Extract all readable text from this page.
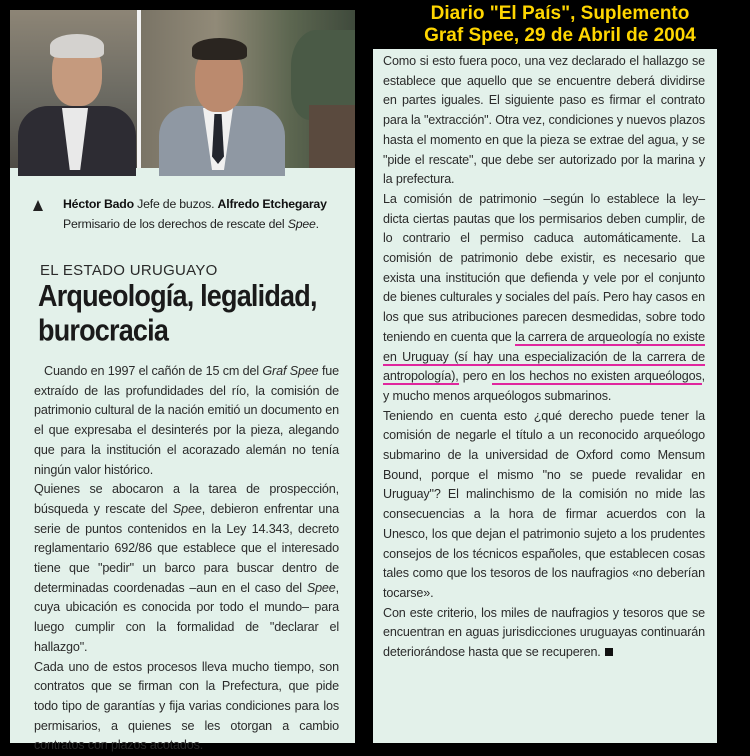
Héctor Bado Jefe de buzos. Alfredo Etchegaray
Permisario de los derechos de rescate del Spee.
EL ESTADO URUGUAYO
Arqueología, legalidad,
burocracia

Cuando en 1997 el cañón de 15 cm del Graf Spee fue extraído de las profundidades del río, la comisión de patrimonio cultural de la nación emitió un documento en el que expresaba el desinterés por la pieza, alegando que para la institución el acorazado alemán no tenía ningún valor histórico.

Quienes se abocaron a la tarea de prospección, búsqueda y rescate del Spee, debieron enfrentar una serie de puntos contenidos en la Ley 14.343, decreto reglamentario 692/86 que establece que el interesado tiene que "pedir" un barco para buscar dentro de determinadas coordenadas –aun en el caso del Spee, cuya ubicación es conocida por todo el mundo– para luego cumplir con la formalidad de "declarar el hallazgo".

Cada uno de estos procesos lleva mucho tiempo, son contratos que se firman con la Prefectura, que pide todo tipo de garantías y fija varias condiciones para los permisarios, a quienes se les otorgan a cambio contratos con plazos acotados.

Diario "El País", Suplemento
Graf Spee, 29 de Abril de 2004

Como si esto fuera poco, una vez declarado el hallazgo se establece que aquello que se encuentre deberá dividirse en partes iguales. El siguiente paso es firmar el contrato para la "extracción". Otra vez, condiciones y nuevos plazos hasta el momento en que la pieza se extrae del agua, y se "pide el rescate", que debe ser autorizado por la marina y la prefectura.

La comisión de patrimonio –según lo establece la ley– dicta ciertas pautas que los permisarios deben cumplir, de lo contrario el permiso caduca automáticamente. La comisión de patrimonio debe existir, es necesario que exista una institución que defienda y vele por el conjunto de bienes culturales y sociales del país. Pero hay casos en los que sus atribuciones parecen desmedidas, sobre todo teniendo en cuenta que la carrera de arqueología no existe en Uruguay (sí hay una especialización de la carrera de antropología), pero en los hechos no existen arqueólogos, y mucho menos arqueólogos submarinos.

Teniendo en cuenta esto ¿qué derecho puede tener la comisión de negarle el título a un reconocido arqueólogo submarino de la universidad de Oxford como Mensum Bound, porque el mismo "no se puede revalidar en Uruguay"? El malinchismo de la comisión no mide las consecuencias a la hora de firmar acuerdos con la Unesco, los que dejan el patrimonio sujeto a los prudentes consejos de los técnicos españoles, que establecen cosas tales como que los tesoros de los naufragios «no deberían tocarse».

Con este criterio, los miles de naufragios y tesoros que se encuentran en aguas jurisdicciones uruguayas continuarán deteriorándose hasta que se recuperen.
